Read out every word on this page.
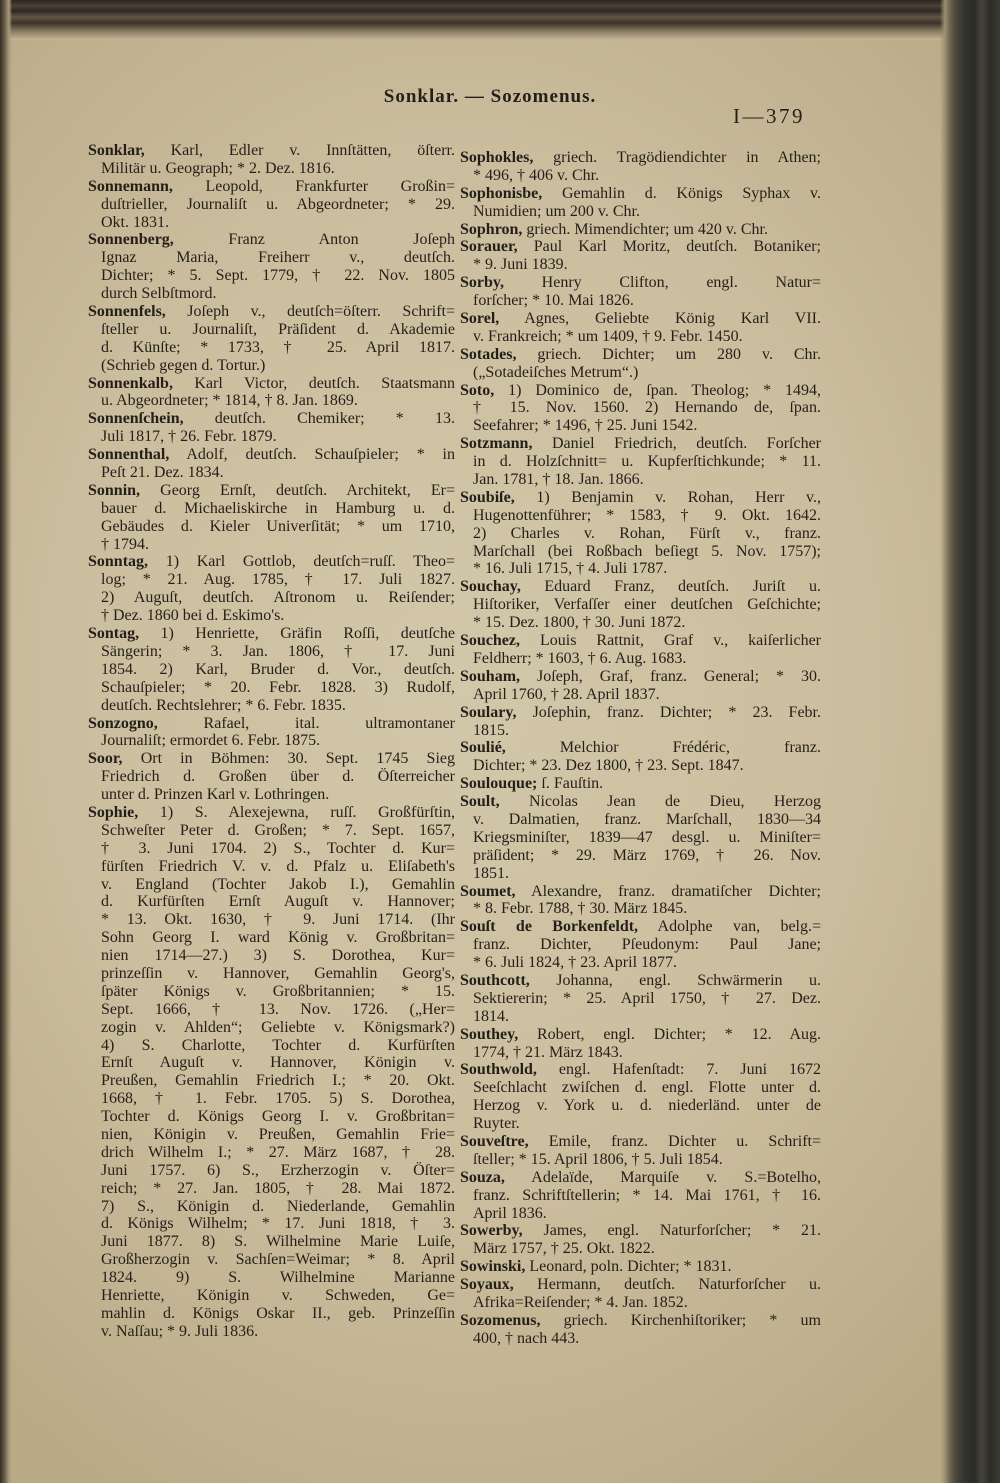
Sonklar. — Sozomenus.
I—379
Sonklar, Karl, Edler v. Innſtätten, öſterr.
Militär u. Geograph; * 2. Dez. 1816.
Sonnemann, Leopold, Frankfurter Großin=
duſtrieller, Journaliſt u. Abgeordneter; * 29.
Okt. 1831.
Sonnenberg, Franz Anton Joſeph
Ignaz Maria, Freiherr v., deutſch.
Dichter; * 5. Sept. 1779, † 22. Nov. 1805
durch Selbſtmord.
Sonnenfels, Joſeph v., deutſch=öſterr. Schrift=
ſteller u. Journaliſt, Präſident d. Akademie
d. Künſte; * 1733, † 25. April 1817.
(Schrieb gegen d. Tortur.)
Sonnenkalb, Karl Victor, deutſch. Staatsmann
u. Abgeordneter; * 1814, † 8. Jan. 1869.
Sonnenſchein, deutſch. Chemiker; * 13.
Juli 1817, † 26. Febr. 1879.
Sonnenthal, Adolf, deutſch. Schauſpieler; * in
Peſt 21. Dez. 1834.
Sonnin, Georg Ernſt, deutſch. Architekt, Er=
bauer d. Michaeliskirche in Hamburg u. d.
Gebäudes d. Kieler Univerſität; * um 1710,
† 1794.
Sonntag, 1) Karl Gottlob, deutſch=ruſſ. Theo=
log; * 21. Aug. 1785, † 17. Juli 1827.
2) Auguſt, deutſch. Aſtronom u. Reiſender;
† Dez. 1860 bei d. Eskimo's.
Sontag, 1) Henriette, Gräfin Roſſi, deutſche
Sängerin; * 3. Jan. 1806, † 17. Juni
1854. 2) Karl, Bruder d. Vor., deutſch.
Schauſpieler; * 20. Febr. 1828. 3) Rudolf,
deutſch. Rechtslehrer; * 6. Febr. 1835.
Sonzogno, Rafael, ital. ultramontaner
Journaliſt; ermordet 6. Febr. 1875.
Soor, Ort in Böhmen: 30. Sept. 1745 Sieg
Friedrich d. Großen über d. Öſterreicher
unter d. Prinzen Karl v. Lothringen.
Sophie, 1) S. Alexejewna, ruſſ. Großfürſtin,
Schweſter Peter d. Großen; * 7. Sept. 1657,
† 3. Juni 1704. 2) S., Tochter d. Kur=
fürſten Friedrich V. v. d. Pfalz u. Eliſabeth's
v. England (Tochter Jakob I.), Gemahlin
d. Kurfürſten Ernſt Auguſt v. Hannover;
* 13. Okt. 1630, † 9. Juni 1714. (Ihr
Sohn Georg I. ward König v. Großbritan=
nien 1714—27.) 3) S. Dorothea, Kur=
prinzeſſin v. Hannover, Gemahlin Georg's,
ſpäter Königs v. Großbritannien; * 15.
Sept. 1666, † 13. Nov. 1726. („Her=
zogin v. Ahlden“; Geliebte v. Königsmark?)
4) S. Charlotte, Tochter d. Kurfürſten
Ernſt Auguſt v. Hannover, Königin v.
Preußen, Gemahlin Friedrich I.; * 20. Okt.
1668, † 1. Febr. 1705. 5) S. Dorothea,
Tochter d. Königs Georg I. v. Großbritan=
nien, Königin v. Preußen, Gemahlin Frie=
drich Wilhelm I.; * 27. März 1687, † 28.
Juni 1757. 6) S., Erzherzogin v. Öſter=
reich; * 27. Jan. 1805, † 28. Mai 1872.
7) S., Königin d. Niederlande, Gemahlin
d. Königs Wilhelm; * 17. Juni 1818, † 3.
Juni 1877. 8) S. Wilhelmine Marie Luiſe,
Großherzogin v. Sachſen=Weimar; * 8. April
1824. 9) S. Wilhelmine Marianne
Henriette, Königin v. Schweden, Ge=
mahlin d. Königs Oskar II., geb. Prinzeſſin
v. Naſſau; * 9. Juli 1836.
Sophokles, griech. Tragödiendichter in Athen;
* 496, † 406 v. Chr.
Sophonisbe, Gemahlin d. Königs Syphax v.
Numidien; um 200 v. Chr.
Sophron, griech. Mimendichter; um 420 v. Chr.
Sorauer, Paul Karl Moritz, deutſch. Botaniker;
* 9. Juni 1839.
Sorby, Henry Clifton, engl. Natur=
forſcher; * 10. Mai 1826.
Sorel, Agnes, Geliebte König Karl VII.
v. Frankreich; * um 1409, † 9. Febr. 1450.
Sotades, griech. Dichter; um 280 v. Chr.
(„Sotadeiſches Metrum“.)
Soto, 1) Dominico de, ſpan. Theolog; * 1494,
† 15. Nov. 1560. 2) Hernando de, ſpan.
Seefahrer; * 1496, † 25. Juni 1542.
Sotzmann, Daniel Friedrich, deutſch. Forſcher
in d. Holzſchnitt= u. Kupferſtichkunde; * 11.
Jan. 1781, † 18. Jan. 1866.
Soubiſe, 1) Benjamin v. Rohan, Herr v.,
Hugenottenführer; * 1583, † 9. Okt. 1642.
2) Charles v. Rohan, Fürſt v., franz.
Marſchall (bei Roßbach beſiegt 5. Nov. 1757);
* 16. Juli 1715, † 4. Juli 1787.
Souchay, Eduard Franz, deutſch. Juriſt u.
Hiſtoriker, Verfaſſer einer deutſchen Geſchichte;
* 15. Dez. 1800, † 30. Juni 1872.
Souchez, Louis Rattnit, Graf v., kaiſerlicher
Feldherr; * 1603, † 6. Aug. 1683.
Souham, Joſeph, Graf, franz. General; * 30.
April 1760, † 28. April 1837.
Soulary, Joſephin, franz. Dichter; * 23. Febr.
1815.
Soulié, Melchior Frédéric, franz.
Dichter; * 23. Dez 1800, † 23. Sept. 1847.
Soulouque; ſ. Fauſtin.
Soult, Nicolas Jean de Dieu, Herzog
v. Dalmatien, franz. Marſchall, 1830—34
Kriegsminiſter, 1839—47 desgl. u. Miniſter=
präſident; * 29. März 1769, † 26. Nov.
1851.
Soumet, Alexandre, franz. dramatiſcher Dichter;
* 8. Febr. 1788, † 30. März 1845.
Souſt de Borkenfeldt, Adolphe van, belg.=
franz. Dichter, Pſeudonym: Paul Jane;
* 6. Juli 1824, † 23. April 1877.
Southcott, Johanna, engl. Schwärmerin u.
Sektiererin; * 25. April 1750, † 27. Dez.
1814.
Southey, Robert, engl. Dichter; * 12. Aug.
1774, † 21. März 1843.
Southwold, engl. Hafenſtadt: 7. Juni 1672
Seeſchlacht zwiſchen d. engl. Flotte unter d.
Herzog v. York u. d. niederländ. unter de
Ruyter.
Souveſtre, Emile, franz. Dichter u. Schrift=
ſteller; * 15. April 1806, † 5. Juli 1854.
Souza, Adelaïde, Marquiſe v. S.=Botelho,
franz. Schriftſtellerin; * 14. Mai 1761, † 16.
April 1836.
Sowerby, James, engl. Naturforſcher; * 21.
März 1757, † 25. Okt. 1822.
Sowinski, Leonard, poln. Dichter; * 1831.
Soyaux, Hermann, deutſch. Naturforſcher u.
Afrika=Reiſender; * 4. Jan. 1852.
Sozomenus, griech. Kirchenhiſtoriker; * um
400, † nach 443.
